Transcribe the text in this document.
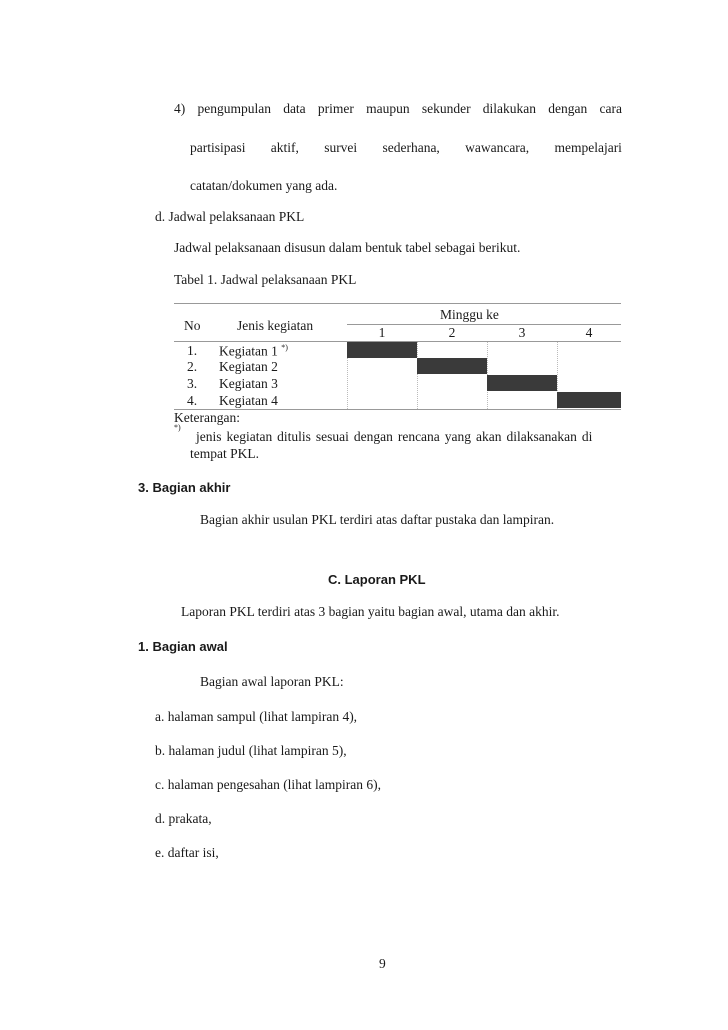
4) pengumpulan data primer maupun sekunder dilakukan dengan cara
partisipasi aktif, survei sederhana, wawancara, mempelajari
catatan/dokumen yang ada.
d. Jadwal pelaksanaan PKL
Jadwal pelaksanaan disusun dalam bentuk tabel sebagai berikut.
Tabel 1. Jadwal pelaksanaan PKL
Minggu ke
No	Jenis kegiatan	1	2	3	4
1. Kegiatan 1 *)
2. Kegiatan 2
3. Kegiatan 3
4. Kegiatan 4
Keterangan:
*)
jenis kegiatan ditulis sesuai dengan rencana yang akan dilaksanakan di
tempat PKL.
3. Bagian akhir
Bagian akhir usulan PKL terdiri atas daftar pustaka dan lampiran.
C. Laporan PKL
Laporan PKL terdiri atas 3 bagian yaitu bagian awal, utama dan akhir.
1. Bagian awal
Bagian awal laporan PKL:
a. halaman sampul (lihat lampiran 4),
b. halaman judul (lihat lampiran 5),
c. halaman pengesahan (lihat lampiran 6),
d. prakata,
e. daftar isi,
9
